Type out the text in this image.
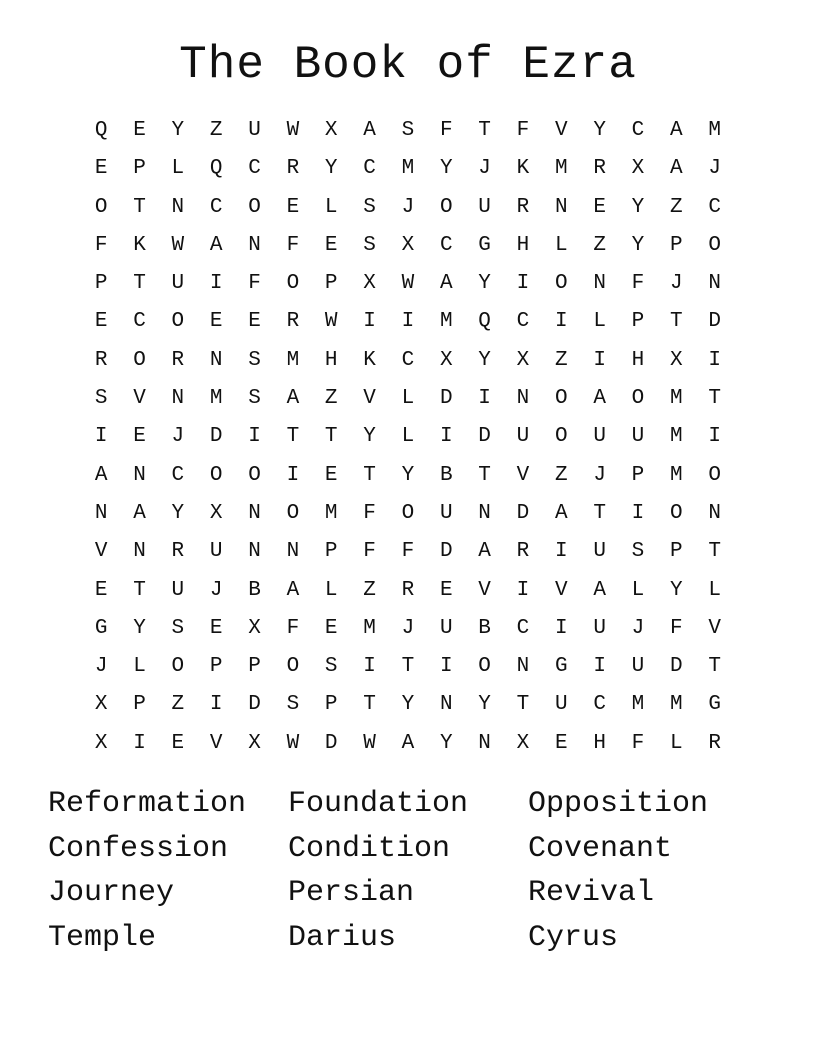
The Book of Ezra
Q	E	Y	Z	U	W	X	A	S	F	T	F	V	Y	C	A	M
E	P	L	Q	C	R	Y	C	M	Y	J	K	M	R	X	A	J
O	T	N	C	O	E	L	S	J	O	U	R	N	E	Y	Z	C
F	K	W	A	N	F	E	S	X	C	G	H	L	Z	Y	P	O
P	T	U	I	F	O	P	X	W	A	Y	I	O	N	F	J	N
E	C	O	E	E	R	W	I	I	M	Q	C	I	L	P	T	D
R	O	R	N	S	M	H	K	C	X	Y	X	Z	I	H	X	I
S	V	N	M	S	A	Z	V	L	D	I	N	O	A	O	M	T
I	E	J	D	I	T	T	Y	L	I	D	U	O	U	U	M	I
A	N	C	O	O	I	E	T	Y	B	T	V	Z	J	P	M	O
N	A	Y	X	N	O	M	F	O	U	N	D	A	T	I	O	N
V	N	R	U	N	N	P	F	F	D	A	R	I	U	S	P	T
E	T	U	J	B	A	L	Z	R	E	V	I	V	A	L	Y	L
G	Y	S	E	X	F	E	M	J	U	B	C	I	U	J	F	V
J	L	O	P	P	O	S	I	T	I	O	N	G	I	U	D	T
X	P	Z	I	D	S	P	T	Y	N	Y	T	U	C	M	M	G
X	I	E	V	X	W	D	W	A	Y	N	X	E	H	F	L	R
Reformation	Foundation	Opposition
Confession	Condition	Covenant
Journey	Persian	Revival
Temple	Darius	Cyrus
